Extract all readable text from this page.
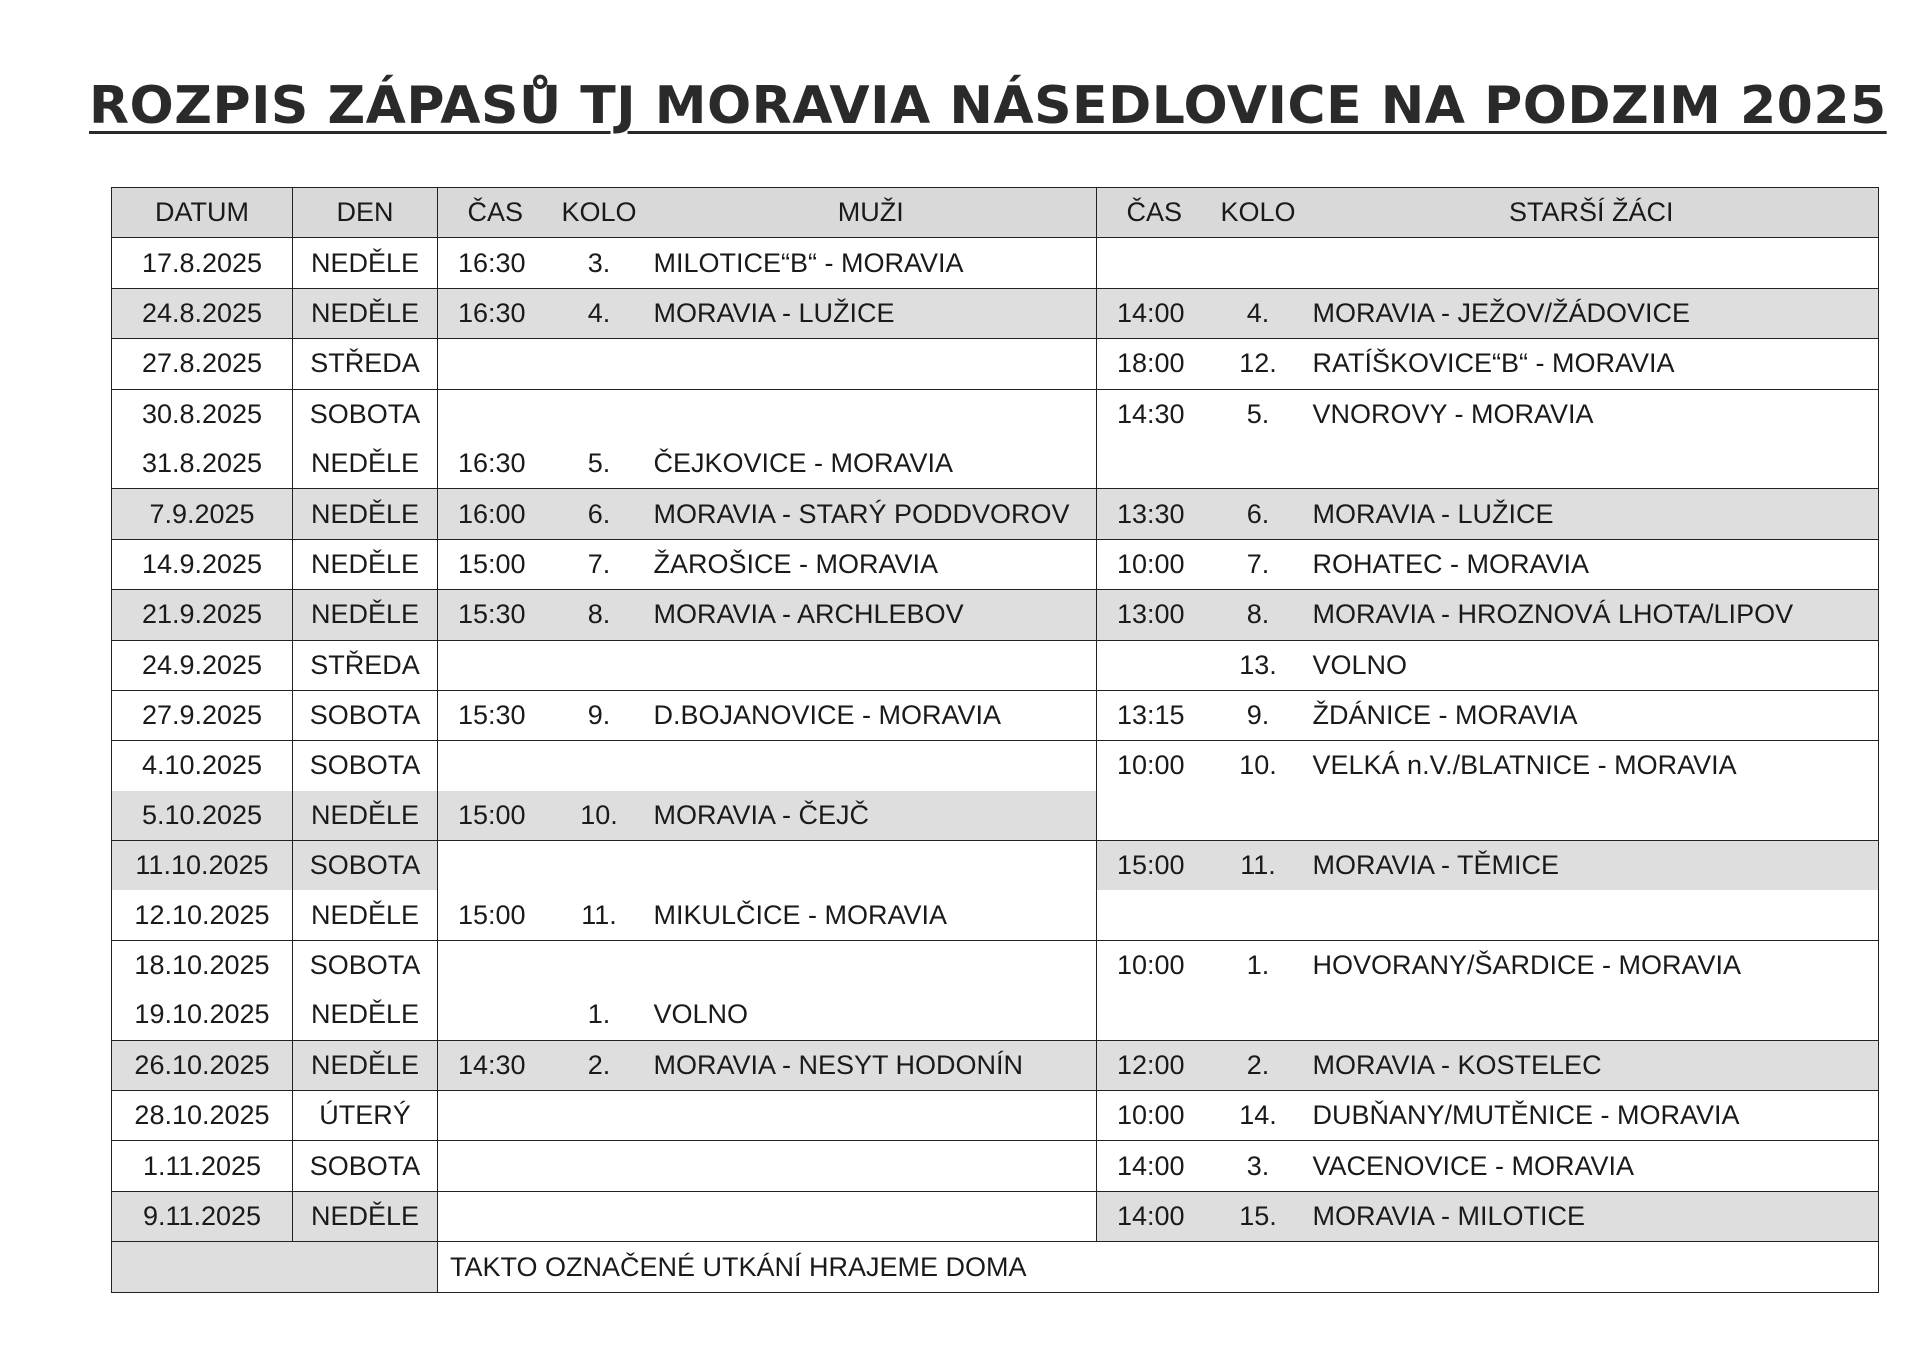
ROZPIS ZÁPASŮ TJ MORAVIA NÁSEDLOVICE NA PODZIM 2025
DATUM	DEN	ČAS	KOLO	MUŽI	ČAS	KOLO	STARŠÍ ŽÁCI
17.8.2025	NEDĚLE	16:30	3.	MILOTICE“B“ - MORAVIA			
24.8.2025	NEDĚLE	16:30	4.	MORAVIA - LUŽICE	14:00	4.	MORAVIA - JEŽOV/ŽÁDOVICE
27.8.2025	STŘEDA				18:00	12.	RATÍŠKOVICE“B“ - MORAVIA
30.8.2025	SOBOTA				14:30	5.	VNOROVY - MORAVIA
31.8.2025	NEDĚLE	16:30	5.	ČEJKOVICE - MORAVIA			
7.9.2025	NEDĚLE	16:00	6.	MORAVIA - STARÝ PODDVOROV	13:30	6.	MORAVIA - LUŽICE
14.9.2025	NEDĚLE	15:00	7.	ŽAROŠICE - MORAVIA	10:00	7.	ROHATEC - MORAVIA
21.9.2025	NEDĚLE	15:30	8.	MORAVIA - ARCHLEBOV	13:00	8.	MORAVIA - HROZNOVÁ LHOTA/LIPOV
24.9.2025	STŘEDA					13.	VOLNO
27.9.2025	SOBOTA	15:30	9.	D.BOJANOVICE - MORAVIA	13:15	9.	ŽDÁNICE - MORAVIA
4.10.2025	SOBOTA				10:00	10.	VELKÁ n.V./BLATNICE - MORAVIA
5.10.2025	NEDĚLE	15:00	10.	MORAVIA - ČEJČ			
11.10.2025	SOBOTA				15:00	11.	MORAVIA - TĚMICE
12.10.2025	NEDĚLE	15:00	11.	MIKULČICE - MORAVIA			
18.10.2025	SOBOTA				10:00	1.	HOVORANY/ŠARDICE - MORAVIA
19.10.2025	NEDĚLE		1.	VOLNO			
26.10.2025	NEDĚLE	14:30	2.	MORAVIA - NESYT HODONÍN	12:00	2.	MORAVIA - KOSTELEC
28.10.2025	ÚTERÝ				10:00	14.	DUBŇANY/MUTĚNICE - MORAVIA
1.11.2025	SOBOTA				14:00	3.	VACENOVICE - MORAVIA
9.11.2025	NEDĚLE				14:00	15.	MORAVIA - MILOTICE
		TAKTO OZNAČENÉ UTKÁNÍ HRAJEME DOMA					
